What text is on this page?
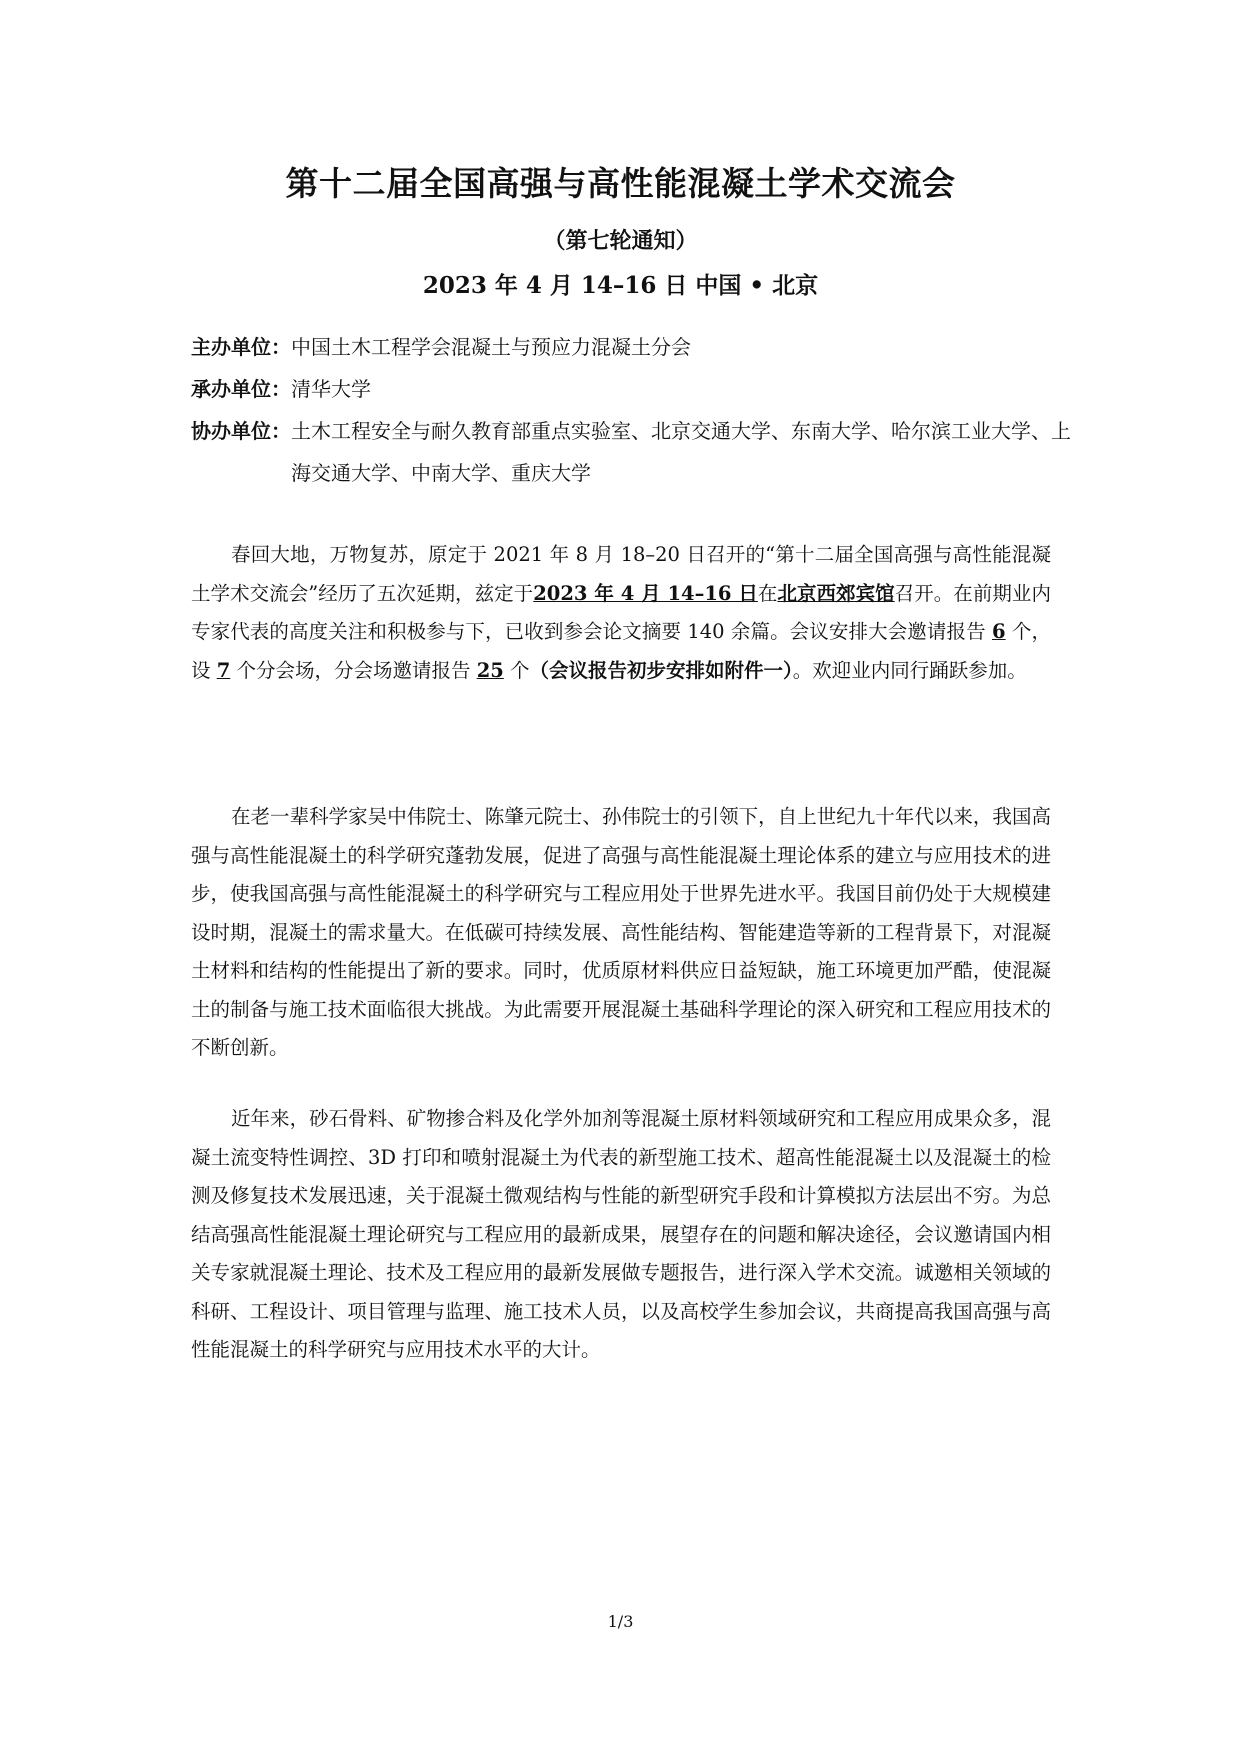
第十二届全国高强与高性能混凝土学术交流会
（第七轮通知）
2023 年 4 月 14–16 日 中国 • 北京
主办单位：中国土木工程学会混凝土与预应力混凝土分会
承办单位：清华大学
协办单位： 土木工程安全与耐久教育部重点实验室、北京交通大学、东南大学、哈尔滨工业大学、上海交通大学、中南大学、重庆大学
春回大地，万物复苏，原定于 2021 年 8 月 18–20 日召开的“第十二届全国高强与高性能混凝土学术交流会”经历了五次延期，兹定于2023 年 4 月 14–16 日在北京西郊宾馆召开。在前期业内专家代表的高度关注和积极参与下，已收到参会论文摘要 140 余篇。会议安排大会邀请报告 6 个，设 7 个分会场，分会场邀请报告 25 个（会议报告初步安排如附件一）。欢迎业内同行踊跃参加。
在老一辈科学家吴中伟院士、陈肇元院士、孙伟院士的引领下，自上世纪九十年代以来，我国高强与高性能混凝土的科学研究蓬勃发展，促进了高强与高性能混凝土理论体系的建立与应用技术的进步，使我国高强与高性能混凝土的科学研究与工程应用处于世界先进水平。我国目前仍处于大规模建设时期，混凝土的需求量大。在低碳可持续发展、高性能结构、智能建造等新的工程背景下，对混凝土材料和结构的性能提出了新的要求。同时，优质原材料供应日益短缺，施工环境更加严酷，使混凝土的制备与施工技术面临很大挑战。为此需要开展混凝土基础科学理论的深入研究和工程应用技术的不断创新。
近年来，砂石骨料、矿物掺合料及化学外加剂等混凝土原材料领域研究和工程应用成果众多，混凝土流变特性调控、3D 打印和喷射混凝土为代表的新型施工技术、超高性能混凝土以及混凝土的检测及修复技术发展迅速，关于混凝土微观结构与性能的新型研究手段和计算模拟方法层出不穷。为总结高强高性能混凝土理论研究与工程应用的最新成果，展望存在的问题和解决途径，会议邀请国内相关专家就混凝土理论、技术及工程应用的最新发展做专题报告，进行深入学术交流。诚邀相关领域的科研、工程设计、项目管理与监理、施工技术人员，以及高校学生参加会议，共商提高我国高强与高性能混凝土的科学研究与应用技术水平的大计。
1/3
